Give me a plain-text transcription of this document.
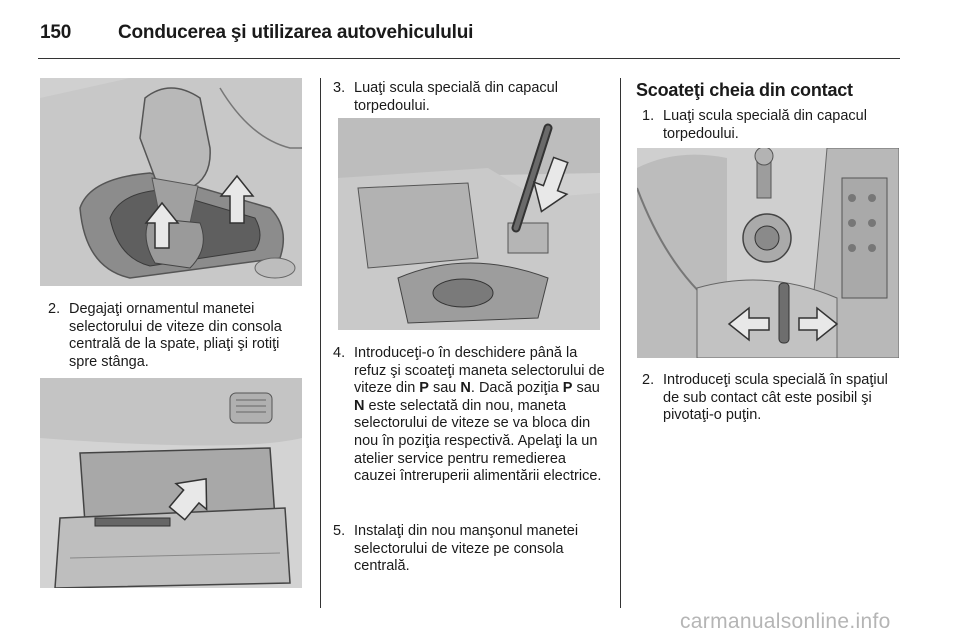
150 Conducerea şi utilizarea autovehiculului
2. Degajaţi ornamentul manetei selectorului de viteze din consola centrală de la spate, pliaţi şi rotiţi spre stânga.
3. Luaţi scula specială din capacul torpedoului.
4. Introduceţi-o în deschidere până la refuz şi scoateţi maneta selectorului de viteze din P sau N. Dacă poziţia P sau N este selectată din nou, maneta selectorului de viteze se va bloca din nou în poziţia respectivă. Apelaţi la un atelier service pentru remedierea cauzei întreruperii alimentării electrice.
5. Instalaţi din nou manşonul manetei selectorului de viteze pe consola centrală.
Scoateţi cheia din contact
1. Luaţi scula specială din capacul torpedoului.
2. Introduceţi scula specială în spaţiul de sub contact cât este posibil şi pivotaţi-o puţin.
carmanualsonline.info
